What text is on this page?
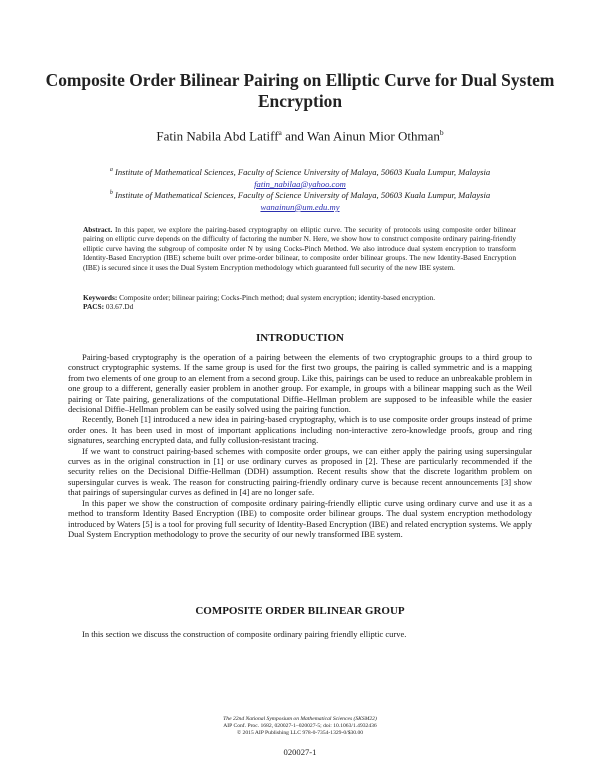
Composite Order Bilinear Pairing on Elliptic Curve for Dual System Encryption
Fatin Nabila Abd Latiff$^a$ and Wan Ainun Mior Othman$^b$
$^a$ Institute of Mathematical Sciences, Faculty of Science University of Malaya, 50603 Kuala Lumpur, Malaysia
fatin_nabilaa@yahoo.com
$^b$ Institute of Mathematical Sciences, Faculty of Science University of Malaya, 50603 Kuala Lumpur, Malaysia
wanainun@um.edu.my
Abstract. In this paper, we explore the pairing-based cryptography on elliptic curve. The security of protocols using composite order bilinear pairing on elliptic curve depends on the difficulty of factoring the number N. Here, we show how to construct composite ordinary pairing-friendly elliptic curve having the subgroup of composite order N by using Cocks-Pinch Method. We also introduce dual system encryption to transform Identity-Based Encryption (IBE) scheme built over prime-order bilinear, to composite order bilinear groups. The new Identity-Based Encryption (IBE) is secured since it uses the Dual System Encryption methodology which guaranteed full security of the new IBE system.
Keywords: Composite order; bilinear pairing; Cocks-Pinch method; dual system encryption; identity-based encryption.
PACS: 03.67.Dd
INTRODUCTION

Pairing-based cryptography is the operation of a pairing between the elements of two cryptographic groups to a third group to construct cryptographic systems. If the same group is used for the first two groups, the pairing is called symmetric and is a mapping from two elements of one group to an element from a second group. Like this, pairings can be used to reduce an unbreakable problem in one group to a different, generally easier problem in another group. For example, in groups with a bilinear mapping such as the Weil pairing or Tate pairing, generalizations of the computational Diffie–Hellman problem are supposed to be infeasible while the easier decisional Diffie–Hellman problem can be easily solved using the pairing function.

Recently, Boneh [1] introduced a new idea in pairing-based cryptography, which is to use composite order groups instead of prime order ones. It has been used in most of important applications including non-interactive zero-knowledge proofs, group and ring signatures, searching encrypted data, and fully collusion-resistant tracing.

If we want to construct pairing-based schemes with composite order groups, we can either apply the pairing using supersingular curves as in the original construction in [1] or use ordinary curves as proposed in [2]. These are particularly recommended if the security relies on the Decisional Diffie-Hellman (DDH) assumption. Recent results show that the discrete logarithm problem on supersingular curves is weak. The reason for constructing pairing-friendly ordinary curve is because recent announcements [3] show that pairings of supersingular curves as defined in [4] are no longer safe.

In this paper we show the construction of composite ordinary pairing-friendly elliptic curve using ordinary curve and use it as a method to transform Identity Based Encryption (IBE) to composite order bilinear groups. The dual system encryption methodology introduced by Waters [5] is a tool for proving full security of Identity-Based Encryption (IBE) and related encryption systems. We apply Dual System Encryption methodology to prove the security of our newly transformed IBE system.

COMPOSITE ORDER BILINEAR GROUP

In this section we discuss the construction of composite ordinary pairing friendly elliptic curve.

The 22nd National Symposium on Mathematical Sciences (SKSM22)
AIP Conf. Proc. 1682, 020027-1–020027-5; doi: 10.1063/1.4932436
© 2015 AIP Publishing LLC 978-0-7354-1329-0/$30.00
020027-1
